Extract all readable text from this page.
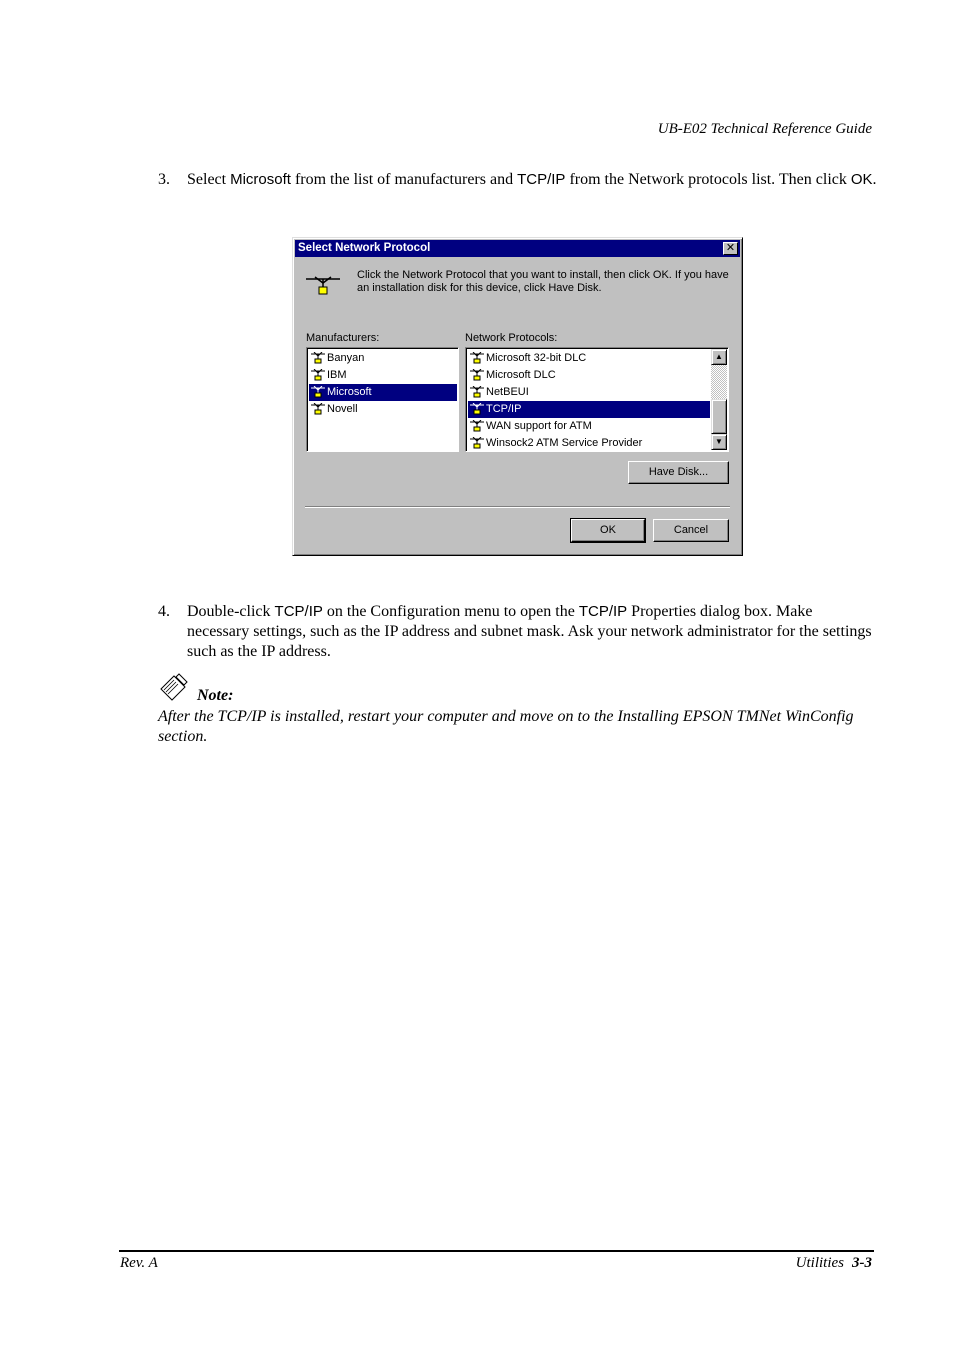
UB-E02 Technical Reference Guide
3. Select Microsoft from the list of manufacturers and TCP/IP from the Network protocols list. Then click OK.
Select Network Protocol	✕
Click the Network Protocol that you want to install, then click OK. If you have an installation disk for this device, click Have Disk.
Manufacturers:
Banyan
IBM
Microsoft
Novell
Network Protocols:
Microsoft 32-bit DLC
Microsoft DLC
NetBEUI
TCP/IP
WAN support for ATM
Winsock2 ATM Service Provider
▲
▼
Have Disk...
OK	Cancel
4. Double-click TCP/IP on the Configuration menu to open the TCP/IP Properties dialog box. Make necessary settings, such as the IP address and subnet mask. Ask your network administrator for the settings such as the IP address.
Note:
After the TCP/IP is installed, restart your computer and move on to the Installing EPSON TMNet WinConfig section.
Rev. A	Utilities 3-3
